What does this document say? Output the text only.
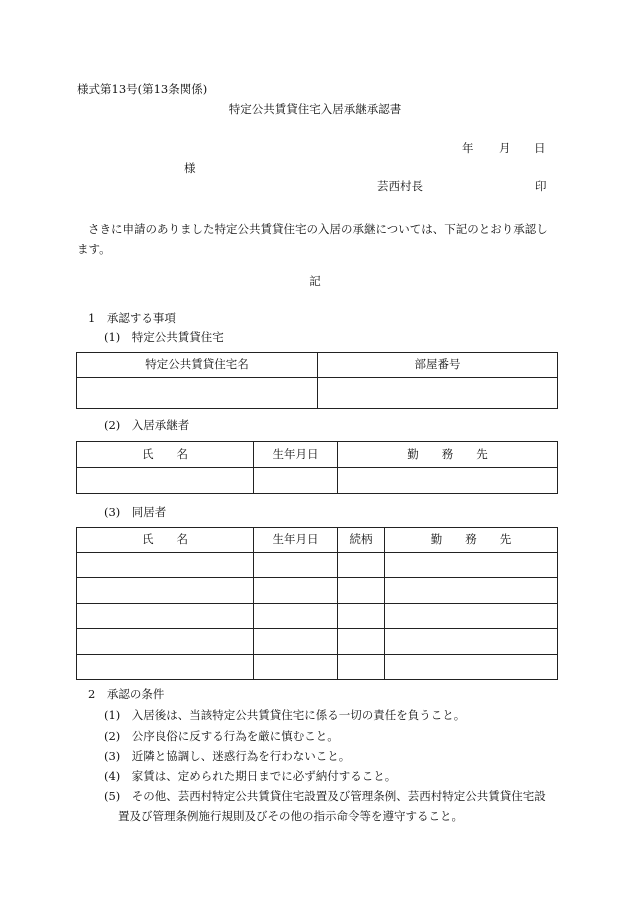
様式第13号(第13条関係)
特定公共賃貸住宅入居承継承認書
年 月 日
様
芸西村長	印
さきに申請のありました特定公共賃貸住宅の入居の承継については、下記のとおり承認します。
記
1　承認する事項
(1)　特定公共賃貸住宅
特定公共賃貸住宅名	部屋番号

(2)　入居承継者
氏　　名	生年月日	勤　　務　　先

(3)　同居者
氏　　名	生年月日	続柄	勤　　務　　先

2　承認の条件
(1)　入居後は、当該特定公共賃貸住宅に係る一切の責任を負うこと。
(2)　公序良俗に反する行為を厳に慎むこと。
(3)　近隣と協調し、迷惑行為を行わないこと。
(4)　家賃は、定められた期日までに必ず納付すること。
(5)　その他、芸西村特定公共賃貸住宅設置及び管理条例、芸西村特定公共賃貸住宅設
置及び管理条例施行規則及びその他の指示命令等を遵守すること。
